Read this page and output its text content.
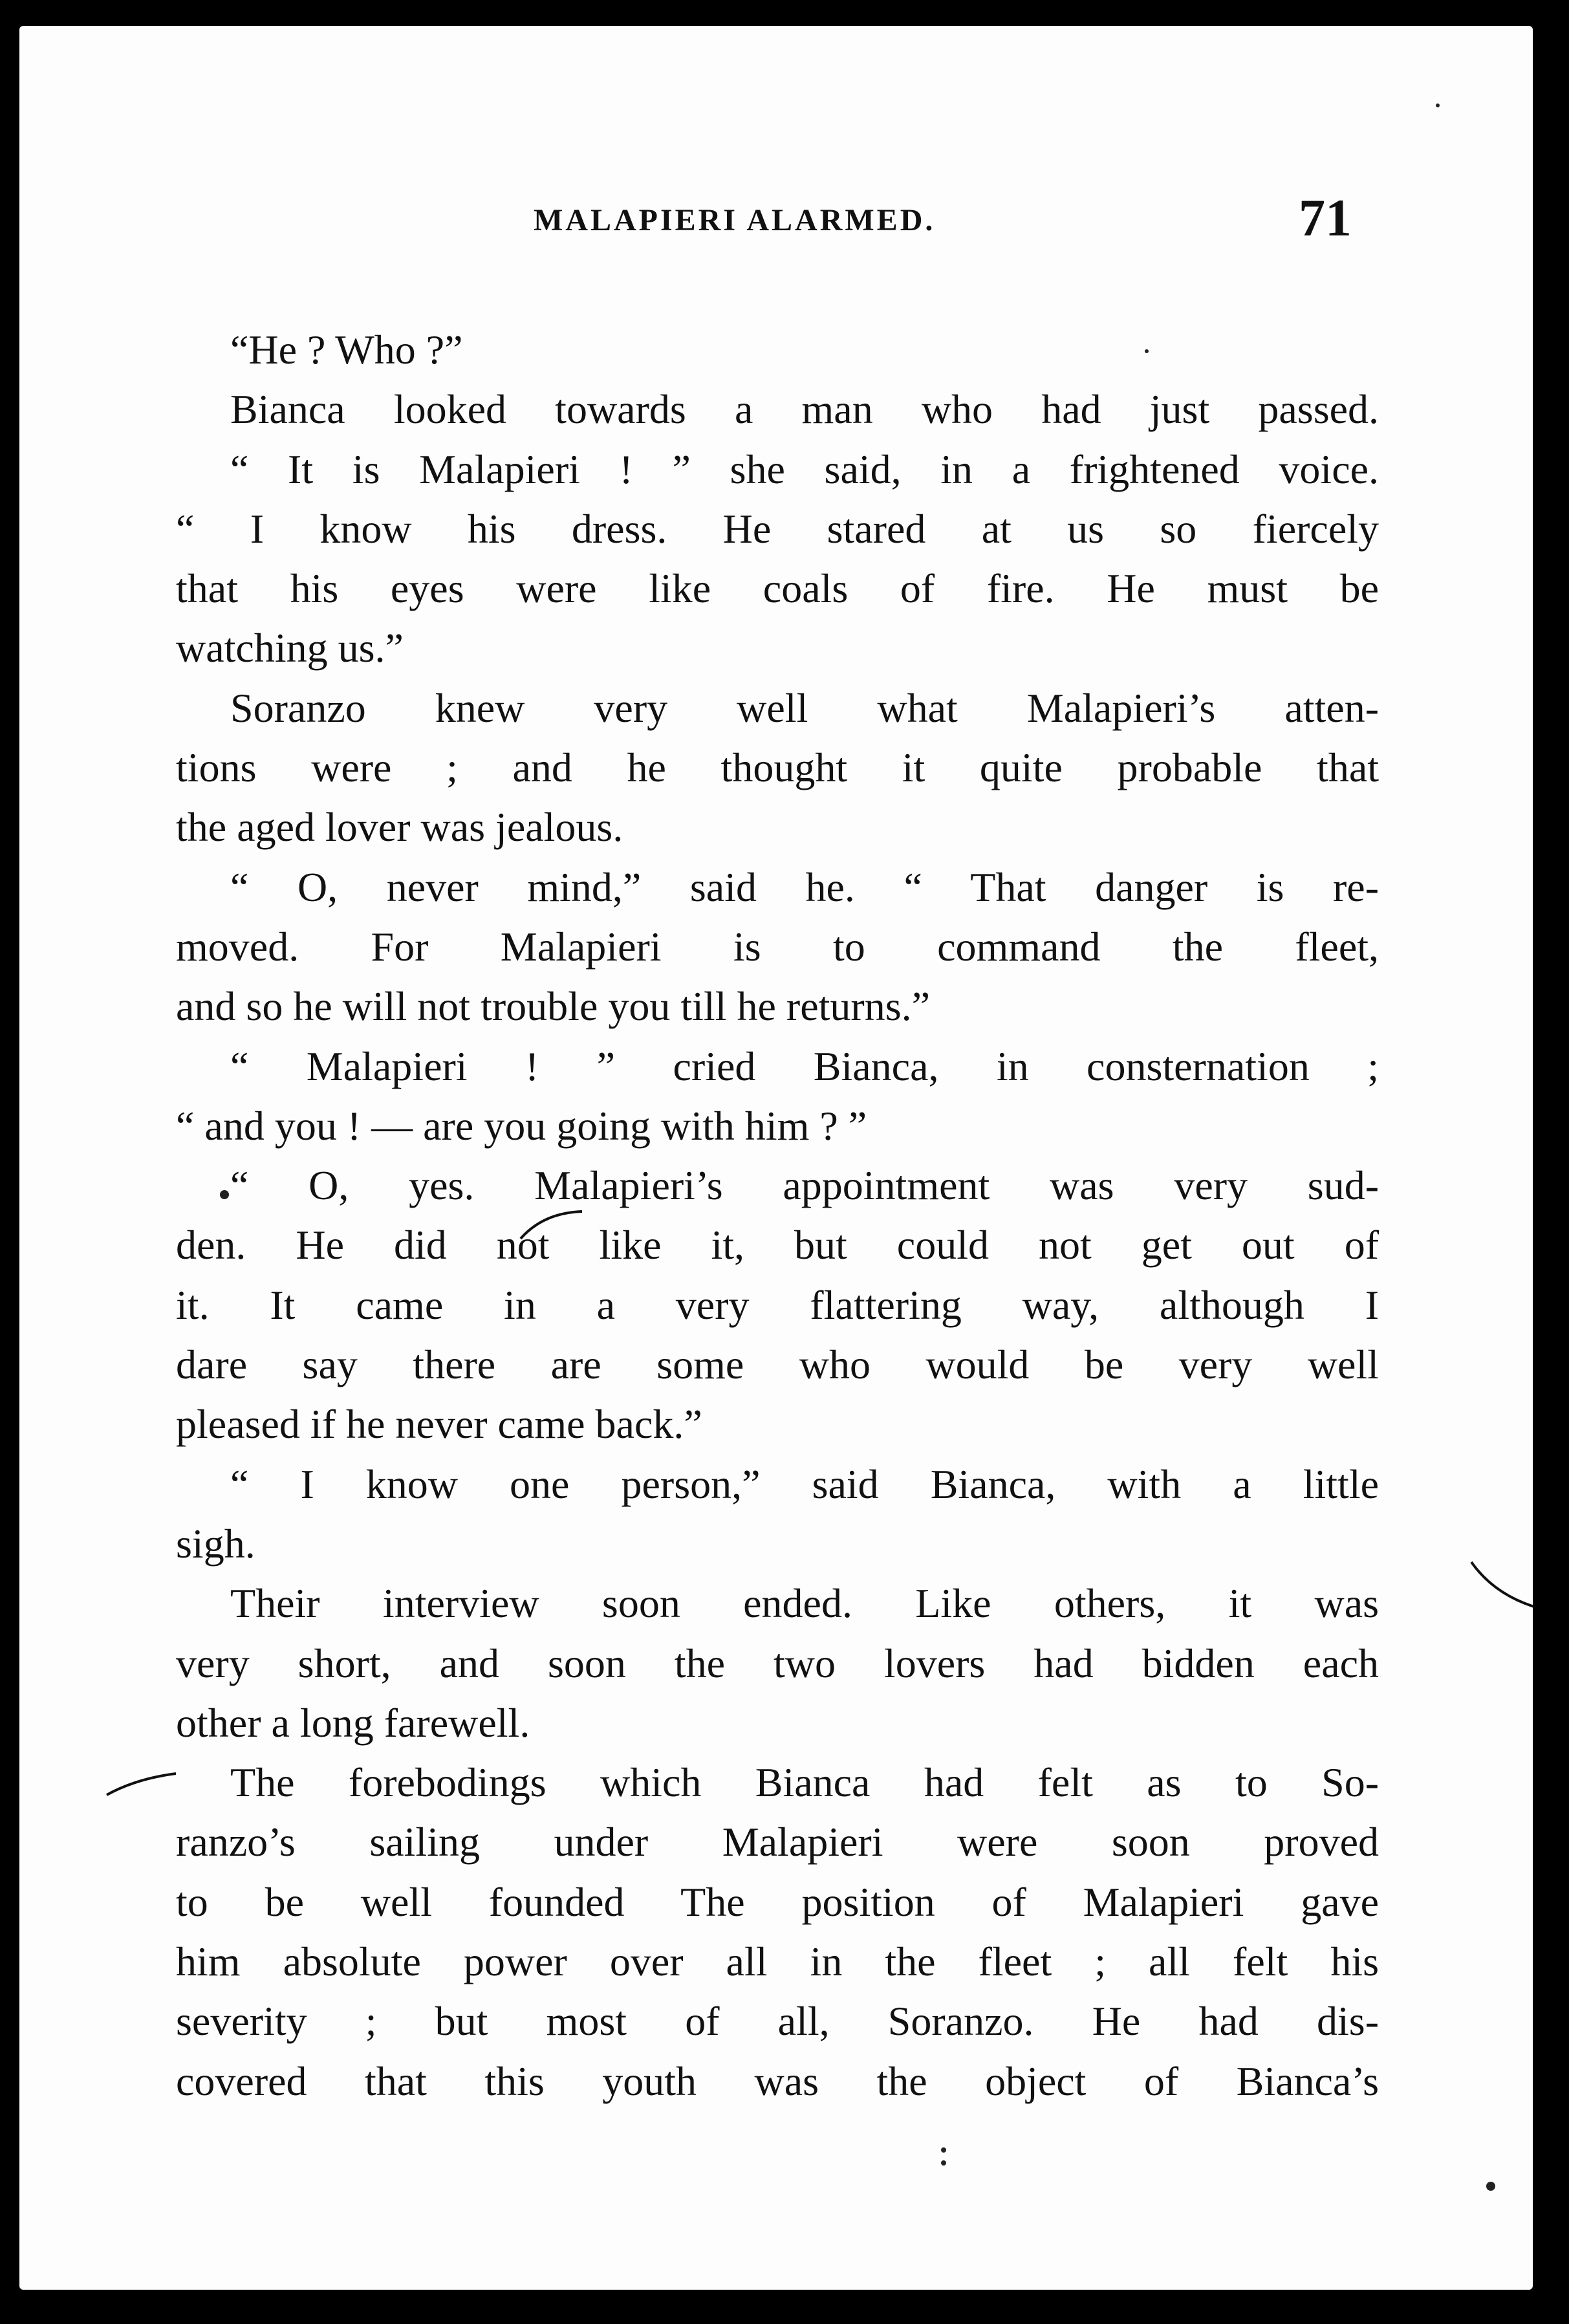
MALAPIERI ALARMED.	71
“He ? Who ?”
Bianca looked towards a man who had just passed.
“ It is Malapieri ! ” she said, in a frightened voice.
“ I know his dress. He stared at us so fiercely
that his eyes were like coals of fire. He must be
watching us.”
Soranzo knew very well what Malapieri’s atten-
tions were ; and he thought it quite probable that
the aged lover was jealous.
“ O, never mind,” said he. “ That danger is re-
moved. For Malapieri is to command the fleet,
and so he will not trouble you till he returns.”
“ Malapieri ! ” cried Bianca, in consternation ;
“ and you ! — are you going with him ? ”
“ O, yes. Malapieri’s appointment was very sud-
den. He did not like it, but could not get out of
it. It came in a very flattering way, although I
dare say there are some who would be very well
pleased if he never came back.”
“ I know one person,” said Bianca, with a little
sigh.
Their interview soon ended. Like others, it was
very short, and soon the two lovers had bidden each
other a long farewell.
The forebodings which Bianca had felt as to So-
ranzo’s sailing under Malapieri were soon proved
to be well founded The position of Malapieri gave
him absolute power over all in the fleet ; all felt his
severity ; but most of all, Soranzo. He had dis-
covered that this youth was the object of Bianca’s
